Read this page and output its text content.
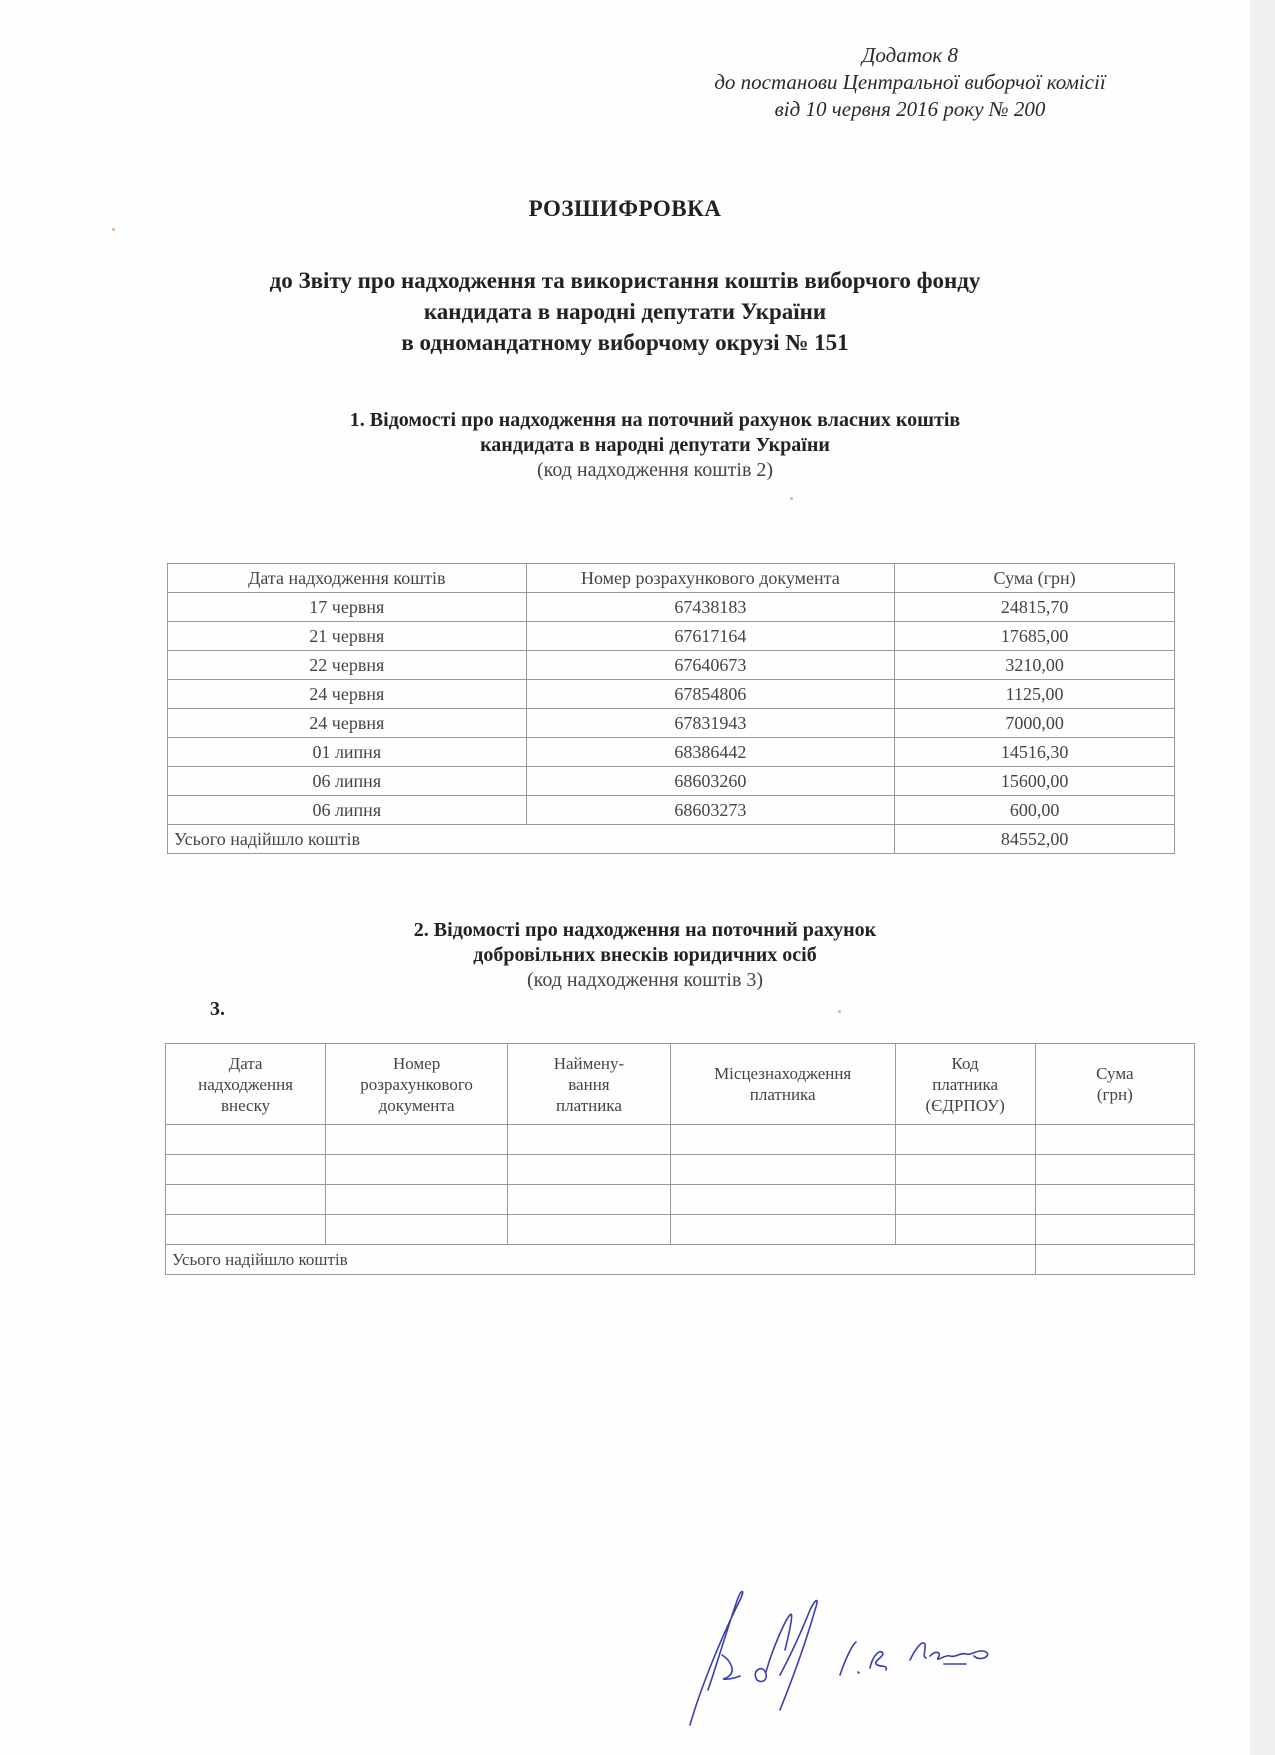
Додаток 8
до постанови Центральної виборчої комісії
від 10 червня 2016 року № 200
РОЗШИФРОВКА
до Звіту про надходження та використання коштів виборчого фонду
кандидата в народні депутати України
в одномандатному виборчому окрузі № 151
1. Відомості про надходження на поточний рахунок власних коштів
кандидата в народні депутати України
(код надходження коштів 2)
Дата надходження коштів	Номер розрахункового документа	Сума (грн)
17 червня	67438183	24815,70
21 червня	67617164	17685,00
22 червня	67640673	3210,00
24 червня	67854806	1125,00
24 червня	67831943	7000,00
01 липня	68386442	14516,30
06 липня	68603260	15600,00
06 липня	68603273	600,00
Усього надійшло коштів	84552,00
2. Відомості про надходження на поточний рахунок
добровільних внесків юридичних осіб
(код надходження коштів 3)
3.
Дата
надходження
внеску	Номер
розрахункового
документа	Наймену-
вання
платника	Місцезнаходження
платника	Код
платника
(ЄДРПОУ)	Сума
(грн)

Усього надійшло коштів	
